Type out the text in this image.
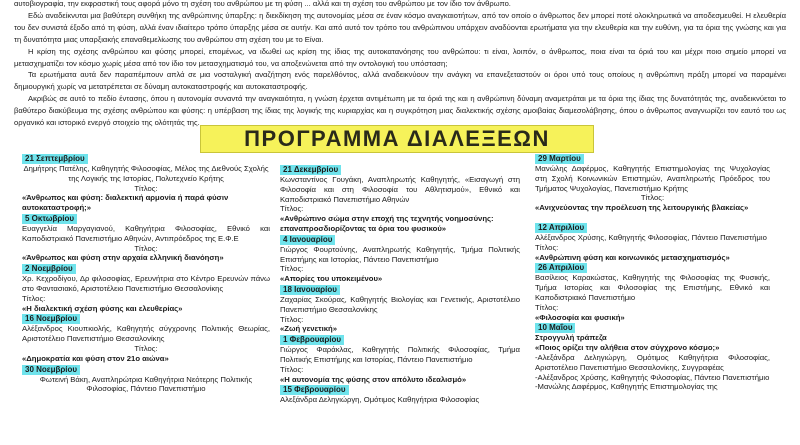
αυτοβιογραφία, την εκφραστική τους αφορά μόνο τη σχέση του ανθρώπου με τη φύση ... αλλά και τη σχέση του ανθρώπου με τον ίδιο τον άνθρωπο.

Εδώ αναδείκνυται μια βαθύτερη συνθήκη της ανθρώπινης ύπαρξης: η διεκδίκηση της αυτονομίας μέσα σε έναν κόσμο αναγκαιοτήτων, από τον οποίο ο άνθρωπος δεν μπορεί ποτέ ολοκληρωτικά να αποδεσμευθεί. Η ελευθερία του δεν συνιστά έξοδο από τη φύση, αλλά έναν ιδιαίτερο τρόπο ύπαρξης μέσα σε αυτήν. Και από αυτό τον τρόπο του ανθρώπινου υπάρχειν αναδύονται ερωτήματα για την ελευθερία και την ευθύνη, για τα όρια της γνώσης και για τη δυνατότητα μιας υπαρξιακής επαναθεμελίωσης του ανθρώπου στη σχέση του με το Είναι.

Η κρίση της σχέσης ανθρώπου και φύσης μπορεί, επομένως, να ιδωθεί ως κρίση της ίδιας της αυτοκατανόησης του ανθρώπου: τι είναι, λοιπόν, ο άνθρωπος, ποια είναι τα όριά του και μέχρι ποιο σημείο μπορεί να μετασχηματίζει τον κόσμο χωρίς μέσα από τον ίδιο τον μετασχηματισμό του, να αποξενώνεται από την οντολογική του υπόσταση;

Τα ερωτήματα αυτά δεν παραπέμπουν απλά σε μια νοσταλγική αναζήτηση ενός παρελθόντος, αλλά αναδεικνύουν την ανάγκη να επανεξεταστούν οι όροι υπό τους οποίους η ανθρώπινη πράξη μπορεί να παραμένει δημιουργική χωρίς να μετατρέπεται σε δύναμη αυτοκαταστροφής και αυτοκαταστροφής.

Ακριβώς σε αυτό το πεδίο έντασης, όπου η αυτονομία συναντά την αναγκαιότητα, η γνώση έρχεται αντιμέτωπη με τα όριά της και η ανθρώπινη δύναμη αναμετράται με τα όρια της ίδιας της δυνατότητάς της, αναδεικνύεται το βαθύτερο διακύβευμα της σχέσης ανθρώπου και φύσης: η υπέρβαση της ίδιας της λογικής της κυριαρχίας και η συγκρότηση μιας διαλεκτικής σχέσης αμοιβαίας διαμεσολάβησης, όπου ο άνθρωπος αναγνωρίζει τον εαυτό του ως οργανικό και ιστορικό ενεργό στοιχείο της ολότητάς της.

ΠΡΟΓΡΑΜΜΑ ΔΙΑΛΕΞΕΩΝ
21 Σεπτεμβρίου
Δημήτρης Πατέλης, Καθηγητής Φιλοσοφίας, Μέλος της Διεθνούς Σχολής της Λογικής της Ιστορίας, Πολυτεχνείο Κρήτης
Τίτλος:
«Άνθρωπος και φύση: διαλεκτική αρμονία ή παρά φύσιν αυτοκαταστροφή;»
5 Οκτωβρίου
Ευαγγελία Μαργαγιανού, Καθηγήτρια Φιλοσοφίας, Εθνικό και Καποδιστριακό Πανεπιστήμιο Αθηνών, Αντιπρόεδρος της Ε.Φ.Ε
Τίτλος:
«Άνθρωπος και φύση στην αρχαία ελληνική διανόηση»
2 Νοεμβρίου
Χρ. Κεχροδίγου, Δρ φιλοσοφίας, Ερευνήτρια στο Κέντρο Ερευνών πάνω στο Φαντασιακό, Αριστοτέλειο Πανεπιστήμιο Θεσσαλονίκης
Τίτλος:
«Η διαλεκτική σχέση φύσης και ελευθερίας»
16 Νοεμβρίου
Αλέξανδρος Κιουπκιολής, Καθηγητής σύγχρονης Πολιτικής Θεωρίας, Αριστοτέλειο Πανεπιστήμιο Θεσσαλονίκης
Τίτλος:
«Δημοκρατία και φύση στον 21ο αιώνα»
30 Νοεμβρίου
Φωτεινή Βάκη, Αναπληρώτρια Καθηγήτρια Νεότερης Πολιτικής Φιλοσοφίας, Πάντειο Πανεπιστήμιο
21 Δεκεμβρίου
Κωνσταντίνος Γουγάκη, Αναπληρωτής Καθηγητής, «Εισαγωγή στη Φιλοσοφία και στη Φιλοσοφία του Αθλητισμού», Εθνικό και Καποδιστριακό Πανεπιστήμιο Αθηνών
Τίτλος:
«Ανθρώπινο σώμα στην εποχή της τεχνητής νοημοσύνης: επαναπροσδιορίζοντας τα όρια του φυσικού»
4 Ιανουαρίου
Γιώργος Φουρτούνης, Αναπληρωτής Καθηγητής, Τμήμα Πολιτικής Επιστήμης και Ιστορίας, Πάντειο Πανεπιστήμιο
Τίτλος:
«Απορίες του υποκειμένου»
18 Ιανουαρίου
Ζαχαρίας Σκούρας, Καθηγητής Βιολογίας και Γενετικής, Αριστοτέλειο Πανεπιστήμιο Θεσσαλονίκης
Τίτλος:
«Ζωή γενετική»
1 Φεβρουαρίου
Γιώργος Φαράκλας, Καθηγητής Πολιτικής Φιλοσοφίας, Τμήμα Πολιτικής Επιστήμης και Ιστορίας, Πάντειο Πανεπιστήμιο
Τίτλος:
«Η αυτονομία της φύσης στον απόλυτο ιδεαλισμό»
15 Φεβρουαρίου
Αλεξάνδρα Δεληγιώργη, Ομότιμος Καθηγήτρια Φιλοσοφίας
29 Μαρτίου
Μανώλης Δαφέρμος, Καθηγητής Επιστημολογίας της Ψυχολογίας στη Σχολή Κοινωνικών Επιστημών, Αναπληρωτής Πρόεδρος του Τμήματος Ψυχολογίας, Πανεπιστήμιο Κρήτης
Τίτλος:
«Ανιχνεύοντας την προέλευση της λειτουργικής βλακείας»
12 Απριλίου
Αλέξανδρος Χρύσης, Καθηγητής Φιλοσοφίας, Πάντειο Πανεπιστήμιο
Τίτλος:
«Ανθρώπινη φύση και κοινωνικός μετασχηματισμός»
26 Απριλίου
Βασίλειος Καρακώστας, Καθηγητής της Φιλοσοφίας της Φυσικής, Τμήμα Ιστορίας και Φιλοσοφίας της Επιστήμης, Εθνικό και Καποδιστριακό Πανεπιστήμιο
Τίτλος:
«Φιλοσοφία και φυσική»
10 Μαΐου
Στρογγυλή τράπεζα
«Ποιος ορίζει την αλήθεια στον σύγχρονο κόσμο;»
-Αλεξάνδρα Δεληγιώργη, Ομότιμος Καθηγήτρια Φιλοσοφίας, Αριστοτέλειο Πανεπιστήμιο Θεσσαλονίκης, Συγγραφέας
-Αλέξανδρος Χρύσης, Καθηγητής Φιλοσοφίας, Πάντειο Πανεπιστήμιο
-Μανώλης Δαφέρμος, Καθηγητής Επιστημολογίας της
